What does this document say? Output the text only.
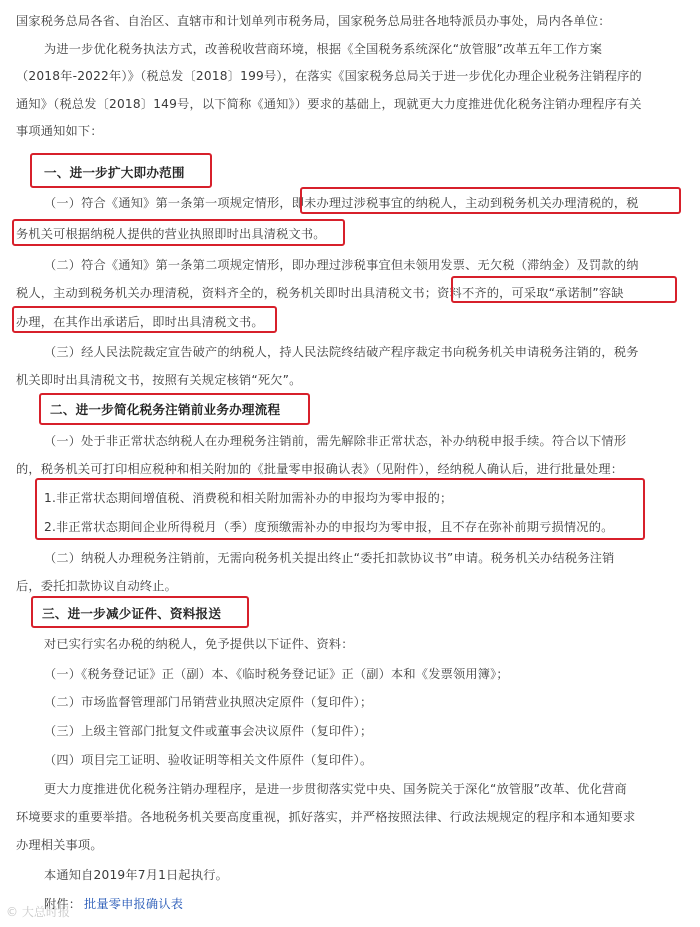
国家税务总局各省、自治区、直辖市和计划单列市税务局，国家税务总局驻各地特派员办事处，局内各单位：
为进一步优化税务执法方式，改善税收营商环境，根据《全国税务系统深化“放管服”改革五年工作方案
（2018年-2022年）》（税总发〔2018〕199号），在落实《国家税务总局关于进一步优化办理企业税务注销程序的
通知》（税总发〔2018〕149号，以下简称《通知》）要求的基础上，现就更大力度推进优化税务注销办理程序有关
事项通知如下：
一、进一步扩大即办范围
（一）符合《通知》第一条第一项规定情形，即未办理过涉税事宜的纳税人，主动到税务机关办理清税的，税
务机关可根据纳税人提供的营业执照即时出具清税文书。
（二）符合《通知》第一条第二项规定情形，即办理过涉税事宜但未领用发票、无欠税（滞纳金）及罚款的纳
税人，主动到税务机关办理清税，资料齐全的，税务机关即时出具清税文书；资料不齐的，可采取“承诺制”容缺
办理，在其作出承诺后，即时出具清税文书。
（三）经人民法院裁定宣告破产的纳税人，持人民法院终结破产程序裁定书向税务机关申请税务注销的，税务
机关即时出具清税文书，按照有关规定核销“死欠”。
二、进一步简化税务注销前业务办理流程
（一）处于非正常状态纳税人在办理税务注销前，需先解除非正常状态，补办纳税申报手续。符合以下情形
的，税务机关可打印相应税种和相关附加的《批量零申报确认表》（见附件），经纳税人确认后，进行批量处理：
1.非正常状态期间增值税、消费税和相关附加需补办的申报均为零申报的；
2.非正常状态期间企业所得税月（季）度预缴需补办的申报均为零申报，且不存在弥补前期亏损情况的。
（二）纳税人办理税务注销前，无需向税务机关提出终止“委托扣款协议书”申请。税务机关办结税务注销
后，委托扣款协议自动终止。
三、进一步减少证件、资料报送
对已实行实名办税的纳税人，免予提供以下证件、资料：
（一）《税务登记证》正（副）本、《临时税务登记证》正（副）本和《发票领用簿》；
（二）市场监督管理部门吊销营业执照决定原件（复印件）；
（三）上级主管部门批复文件或董事会决议原件（复印件）；
（四）项目完工证明、验收证明等相关文件原件（复印件）。
更大力度推进优化税务注销办理程序，是进一步贯彻落实党中央、国务院关于深化“放管服”改革、优化营商
环境要求的重要举措。各地税务机关要高度重视，抓好落实，并严格按照法律、行政法规规定的程序和本通知要求
办理相关事项。
本通知自2019年7月1日起执行。
附件： 批量零申报确认表
© 大总时报
